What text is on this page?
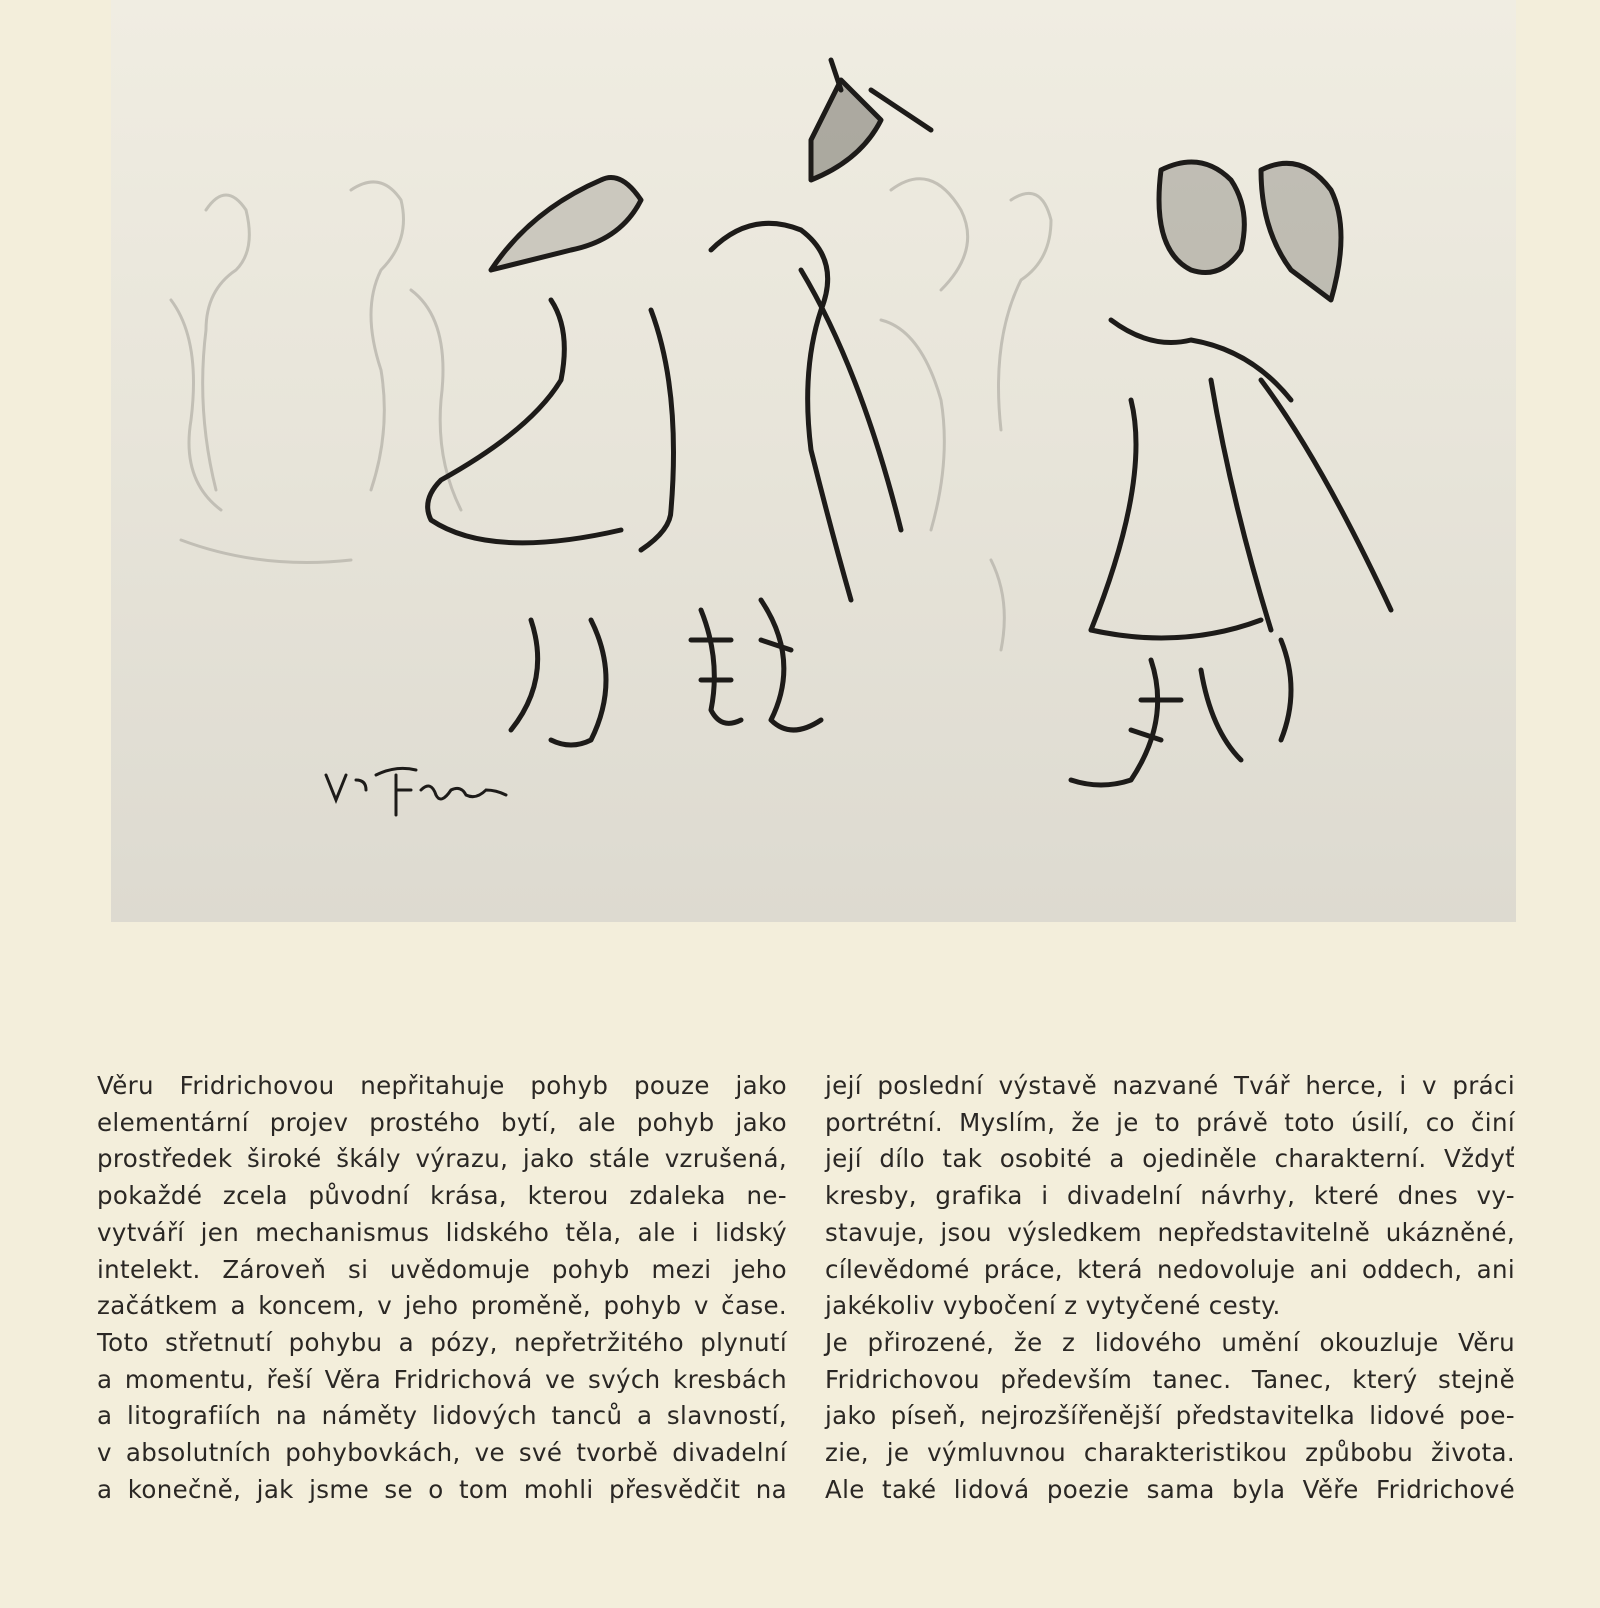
Věru Fridrichovou nepřitahuje pohyb pouze jako
elementární projev prostého bytí, ale pohyb jako
prostředek široké škály výrazu, jako stále vzrušená,
pokaždé zcela původní krása, kterou zdaleka ne-
vytváří jen mechanismus lidského těla, ale i lidský
intelekt. Zároveň si uvědomuje pohyb mezi jeho
začátkem a koncem, v jeho proměně, pohyb v čase.
Toto střetnutí pohybu a pózy, nepřetržitého plynutí
a momentu, řeší Věra Fridrichová ve svých kresbách
a litografiích na náměty lidových tanců a slavností,
v absolutních pohybovkách, ve své tvorbě divadelní
a konečně, jak jsme se o tom mohli přesvědčit na
její poslední výstavě nazvané Tvář herce, i v práci
portrétní. Myslím, že je to právě toto úsilí, co činí
její dílo tak osobité a ojediněle charakterní. Vždyť
kresby, grafika i divadelní návrhy, které dnes vy-
stavuje, jsou výsledkem nepředstavitelně ukázněné,
cílevědomé práce, která nedovoluje ani oddech, ani
jakékoliv vybočení z vytyčené cesty.
Je přirozené, že z lidového umění okouzluje Věru
Fridrichovou především tanec. Tanec, který stejně
jako píseň, nejrozšířenější představitelka lidové poe-
zie, je výmluvnou charakteristikou způbobu života.
Ale také lidová poezie sama byla Věře Fridrichové
